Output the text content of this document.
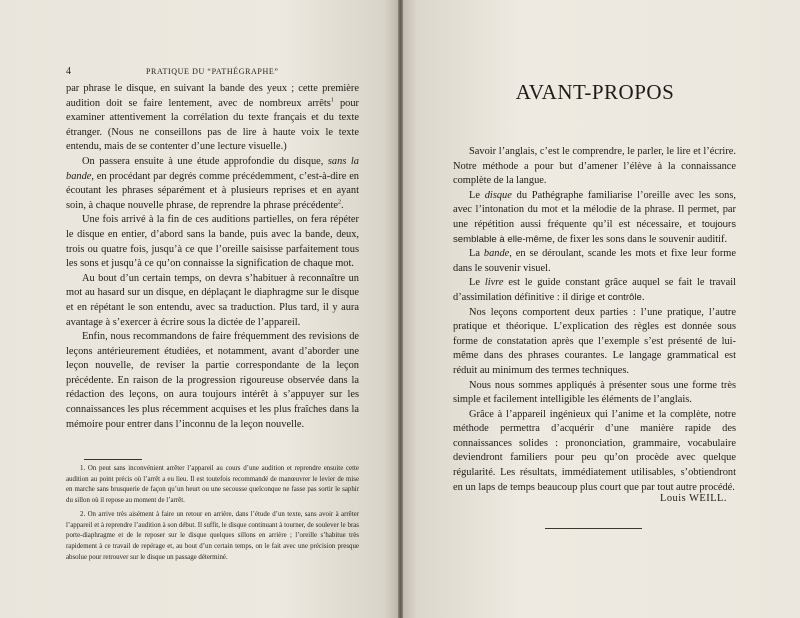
4	PRATIQUE DU “PATHÉGRAPHE”

par phrase le disque, en suivant la bande des yeux ; cette première audition doit se faire lentement, avec de nombreux arrêts$^1$ pour examiner attentivement la corrélation du texte français et du texte étranger. (Nous ne conseillons pas de lire à haute voix le texte entendu, mais de se contenter d’une lecture visuelle.)

On passera ensuite à une étude approfondie du disque, sans la bande, en procédant par degrés comme précédemment, c’est-à-dire en écoutant les phrases séparément et à plusieurs reprises et en ayant soin, à chaque nouvelle phrase, de reprendre la phrase précédente$^2$.

Une fois arrivé à la fin de ces auditions partielles, on fera répéter le disque en entier, d’abord sans la bande, puis avec la bande, deux, trois ou quatre fois, jusqu’à ce que l’oreille saisisse parfaitement tous les sons et jusqu’à ce qu’on connaisse la signification de chaque mot.

Au bout d’un certain temps, on devra s’habituer à reconnaître un mot au hasard sur un disque, en déplaçant le diaphragme sur le disque et en répétant le son entendu, avec sa traduction. Plus tard, il y aura avantage à s’exercer à écrire sous la dictée de l’appareil.

Enfin, nous recommandons de faire fréquemment des revisions de leçons antérieurement étudiées, et notamment, avant d’aborder une leçon nouvelle, de reviser la partie correspondante de la leçon précédente. En raison de la progression rigoureuse observée dans la rédaction des leçons, on aura toujours intérêt à s’appuyer sur les connaissances les plus récemment acquises et les plus fraîches dans la mémoire pour entrer dans l’inconnu de la leçon nouvelle.

1. On peut sans inconvénient arrêter l’appareil au cours d’une audition et reprendre ensuite cette audition au point précis où l’arrêt a eu lieu. Il est toutefois recommandé de manœuvrer le levier de mise en marche sans brusquerie de façon qu’un heurt ou une secousse quelconque ne fasse pas sortir le saphir du sillon où il repose au moment de l’arrêt.

2. On arrive très aisément à faire un retour en arrière, dans l’étude d’un texte, sans avoir à arrêter l’appareil et à reprendre l’audition à son début. Il suffit, le disque continuant à tourner, de soulever le bras porte-diaphragme et de le reposer sur le disque quelques sillons en arrière ; l’oreille s’habitue très rapidement à ce travail de repérage et, au bout d’un certain temps, on le fait avec une précision presque absolue pour retrouver sur le disque un passage déterminé.

AVANT-PROPOS

Savoir l’anglais, c’est le comprendre, le parler, le lire et l’écrire. Notre méthode a pour but d’amener l’élève à la connaissance complète de la langue.

Le disque du Pathégraphe familiarise l’oreille avec les sons, avec l’intonation du mot et la mélodie de la phrase. Il permet, par une répétition aussi fréquente qu’il est nécessaire, et toujours semblable à elle-même, de fixer les sons dans le souvenir auditif.

La bande, en se déroulant, scande les mots et fixe leur forme dans le souvenir visuel.

Le livre est le guide constant grâce auquel se fait le travail d’assimilation définitive : il dirige et contrôle.

Nos leçons comportent deux parties : l’une pratique, l’autre pratique et théorique. L’explication des règles est donnée sous forme de constatation après que l’exemple s’est présenté de lui-même dans des phrases courantes. Le langage grammatical est réduit au minimum des termes techniques.

Nous nous sommes appliqués à présenter sous une forme très simple et facilement intelligible les éléments de l’anglais.

Grâce à l’appareil ingénieux qui l’anime et la complète, notre méthode permettra d’acquérir d’une manière rapide des connaissances solides : prononciation, grammaire, vocabulaire deviendront familiers pour peu qu’on procède avec quelque régularité. Les résultats, immédiatement utilisables, s’obtiendront en un laps de temps beaucoup plus court que par tout autre procédé.

Louis WEILL.
